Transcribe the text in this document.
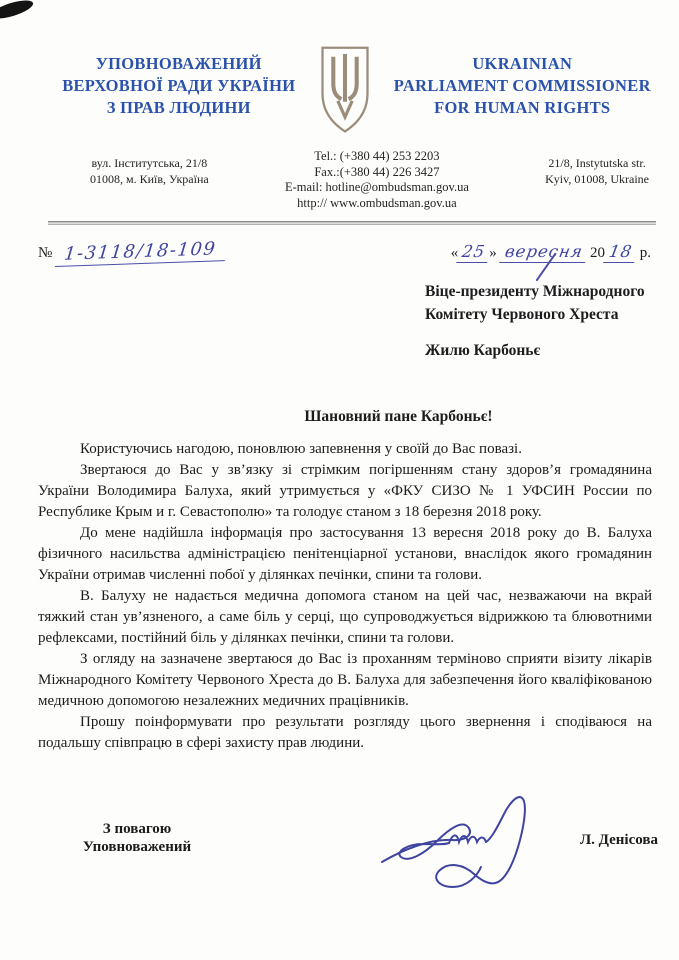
УПОВНОВАЖЕНИЙ
ВЕРХОВНОЇ РАДИ УКРАЇНИ
З ПРАВ ЛЮДИНИ
UKRAINIAN
PARLIAMENT COMMISSIONER
FOR HUMAN RIGHTS
вул. Інститутська, 21/8
01008, м. Київ, Україна
Tel.: (+380 44) 253 2203
Fax.:(+380 44) 226 3427
E-mail: hotline@ombudsman.gov.ua
http:// www.ombudsman.gov.ua
21/8, Instytutska str.
Kyiv, 01008, Ukraine
№ 1-3118/18-109	« 25 » вересня 20 18 р.
Віце-президенту Міжнародного
Комітету Червоного Хреста
Жилю Карбоньє
Шановний пане Карбоньє!

Користуючись нагодою, поновлюю запевнення у своїй до Вас повазі.

Звертаюся до Вас у зв’язку зі стрімким погіршенням стану здоров’я громадянина України Володимира Балуха, який утримується у «ФКУ СИЗО № 1 УФСИН России по Республике Крым и г. Севастополю» та голодує станом з 18 березня 2018 року.

До мене надійшла інформація про застосування 13 вересня 2018 року до В. Балуха фізичного насильства адміністрацією пенітенціарної установи, внаслідок якого громадянин України отримав численні побої у ділянках печінки, спини та голови.

В. Балуху не надається медична допомога станом на цей час, незважаючи на вкрай тяжкий стан ув’язненого, а саме біль у серці, що супроводжується відрижкою та блювотними рефлексами, постійний біль у ділянках печінки, спини та голови.

З огляду на зазначене звертаюся до Вас із проханням терміново сприяти візиту лікарів Міжнародного Комітету Червоного Хреста до В. Балуха для забезпечення його кваліфікованою медичною допомогою незалежних медичних працівників.

Прошу поінформувати про результати розгляду цього звернення і сподіваюся на подальшу співпрацю в сфері захисту прав людини.

З повагою
Уповноважений	Л. Денісова
